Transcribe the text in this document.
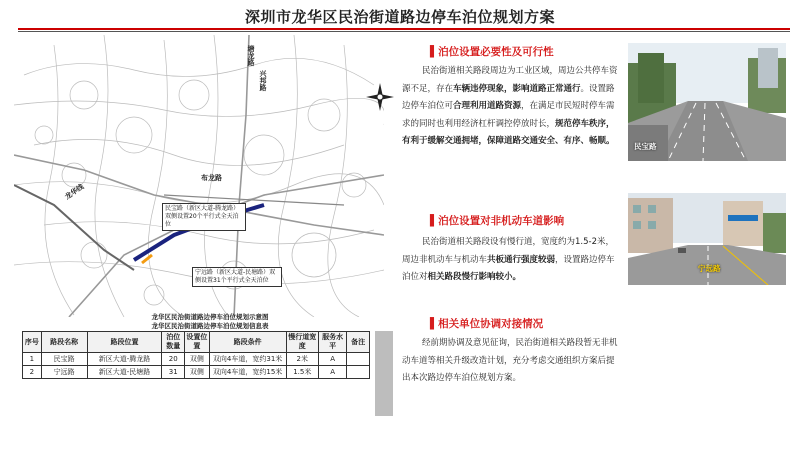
深圳市龙华区民治街道路边停车泊位规划方案
塘龙路
兴邦路
布龙路
龙华线
民宝路（新区大道-腾龙路）双侧设置20个平行式全天泊位
宁远路（新区大道-民塘路）双侧设置31个平行式全天泊位
龙华区民治街道路边停车泊位规划示意图
龙华区民治街道路边停车泊位规划信息表
序号	路段名称	路段位置	泊位数量	设置位置	路段条件	慢行道宽度	服务水平	备注
1	民宝路	新区大道-腾龙路	20	双侧	双向4车道，宽约31米	2米	A	
2	宁远路	新区大道-民塘路	31	双侧	双向4车道，宽约15米	1.5米	A	
▌泊位设置必要性及可行性
民治街道相关路段周边为工业区域，周边公共停车资源不足，存在车辆违停现象，影响道路正常通行。设置路边停车泊位可合理利用道路资源，在满足市民短时停车需求的同时也利用经济杠杆调控停放时长，规范停车秩序，有利于缓解交通拥堵，保障道路交通安全、有序、畅顺。
▌泊位设置对非机动车道影响
民治街道相关路段设有慢行道，宽度约为1.5-2米，周边非机动车与机动车共板通行强度较弱，设置路边停车泊位对相关路段慢行影响较小。
▌相关单位协调对接情况
经前期协调及意见征询，民治街道相关路段暂无非机动车道等相关升级改造计划，充分考虑交通组织方案后提出本次路边停车泊位规划方案。
民宝路
宁远路
